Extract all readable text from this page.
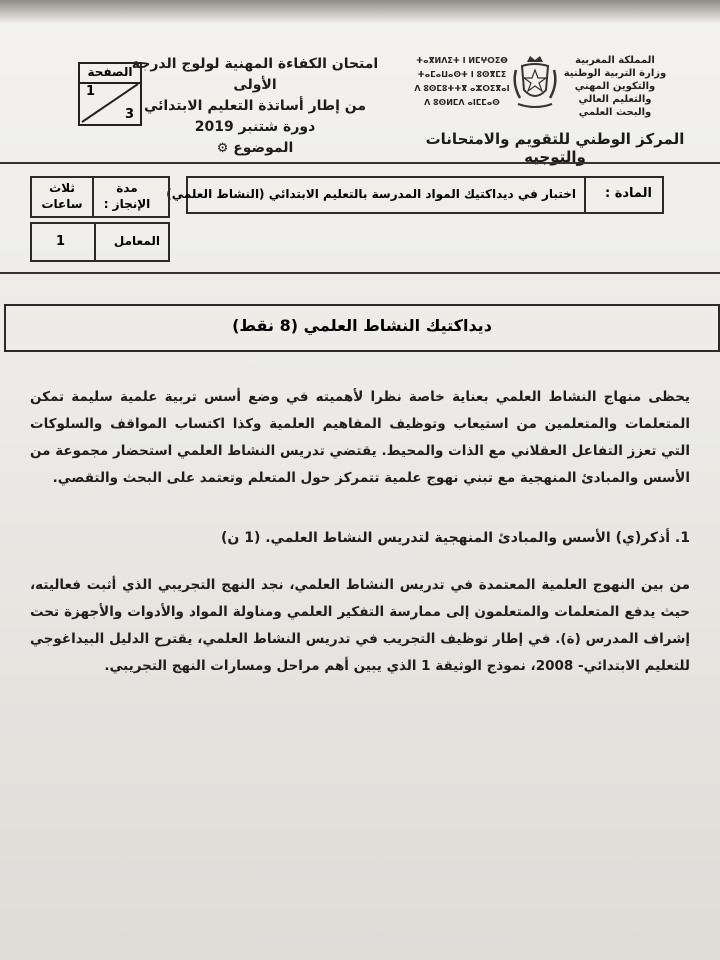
امتحان الكفاءة المهنية لولوج الدرجة الأولى
من إطار أساتذة التعليم الابتدائي
دورة شتنبر 2019
الموضوع ⚙
الصفحة
1
3
ⵜⴰⴳⵍⴷⵉⵜ ⵏ ⵍⵎⵖⵔⵉⴱ
ⵜⴰⵎⴰⵡⴰⵙⵜ ⵏ ⵓⵙⴳⵎⵉ
ⴷ ⵓⵙⵎⵓⵜⵜⴳ ⴰⵣⵔⵉⴳⴰⵏ
ⴷ ⵓⵙⵍⵎⴷ ⴰⵏⵎⵎⴰⵙ
المملكة المغربية
وزارة التربية الوطنية
والتكوين المهني
والتعليم العالي والبحث العلمي
المركز الوطني للتقويم والامتحانات والتوجيه
المادة :
اختبار في ديداكتيك المواد المدرسة بالتعليم الابتدائي (النشاط العلمي)
مدة
الإنجاز :
ثلاث
ساعات
المعامل
1
ديداكتيك النشاط العلمي (8 نقط)
يحظى منهاج النشاط العلمي بعناية خاصة نظرا لأهميته في وضع أسس تربية علمية سليمة تمكن المتعلمات والمتعلمين من استيعاب وتوظيف المفاهيم العلمية وكذا اكتساب المواقف والسلوكات التي تعزز التفاعل العقلاني مع الذات والمحيط. يقتضي تدريس النشاط العلمي استحضار مجموعة من الأسس والمبادئ المنهجية مع تبني نهوج علمية تتمركز حول المتعلم وتعتمد على البحث والتقصي.
1. أذكر(ي) الأسس والمبادئ المنهجية لتدريس النشاط العلمي. (1 ن)
من بين النهوج العلمية المعتمدة في تدريس النشاط العلمي، نجد النهج التجريبي الذي أثبت فعاليته، حيث يدفع المتعلمات والمتعلمون إلى ممارسة التفكير العلمي ومناولة المواد والأدوات والأجهزة تحت إشراف المدرس (ة). في إطار توظيف التجريب في تدريس النشاط العلمي، يقترح الدليل البيداغوجي للتعليم الابتدائي- 2008، نموذج الوثيقة 1 الذي يبين أهم مراحل ومسارات النهج التجريبي.
